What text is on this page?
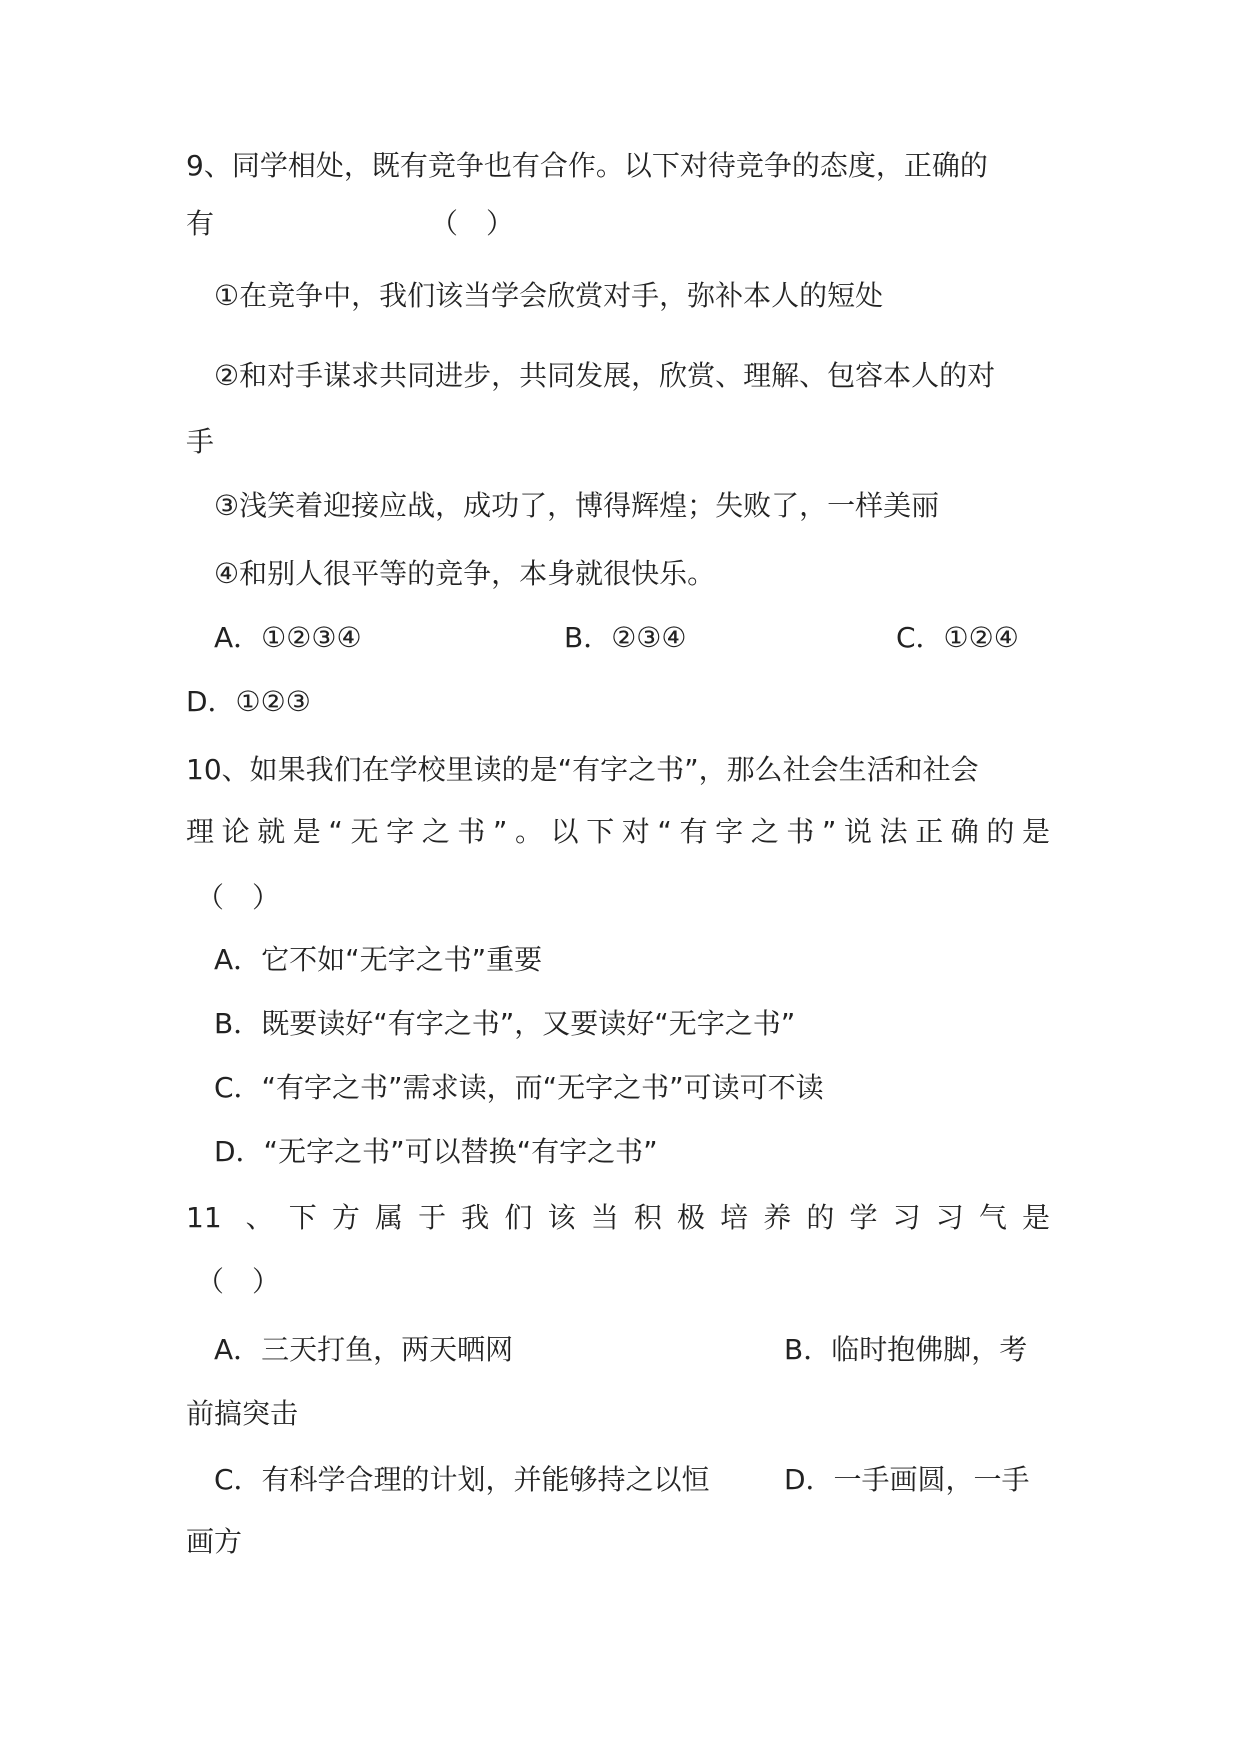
9、同学相处，既有竞争也有合作。以下对待竞争的态度，正确的

有	（　）

①在竞争中，我们该当学会欣赏对手，弥补本人的短处

②和对手谋求共同进步，共同发展，欣赏、理解、包容本人的对

手

③浅笑着迎接应战，成功了，博得辉煌；失败了，一样美丽

④和别人很平等的竞争，本身就很快乐。

A．①②③④	B．②③④	C．①②④

D．①②③

10、如果我们在学校里读的是“有字之书”，那么社会生活和社会

理论就是“无字之书”。以下对“有字之书”说法正确的是

（　）

A．它不如“无字之书”重要

B．既要读好“有字之书”，又要读好“无字之书”

C．“有字之书”需求读，而“无字之书”可读可不读

D．“无字之书”可以替换“有字之书”

11 、下方属于我们该当积极培养的学习习气是

（　）

A．三天打鱼，两天晒网	B．临时抱佛脚，考

前搞突击

C．有科学合理的计划，并能够持之以恒	D．一手画圆，一手

画方
